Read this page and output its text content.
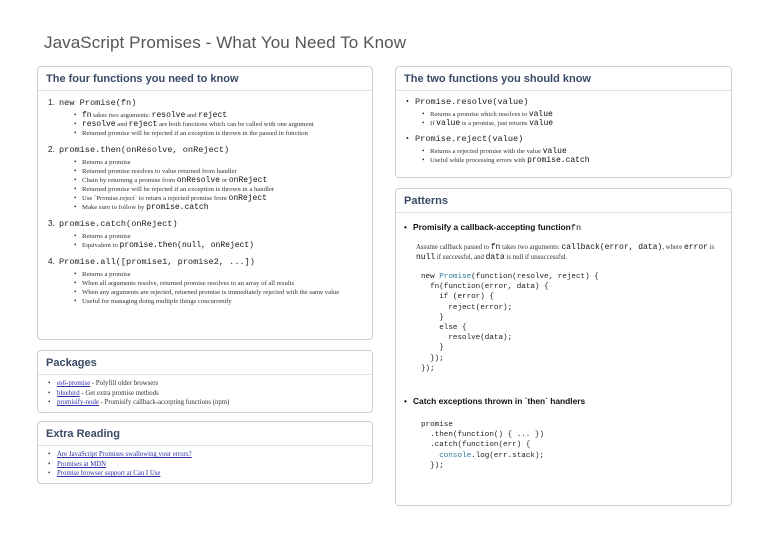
JavaScript Promises - What You Need To Know
The four functions you need to know
1. new Promise(fn)
• fn takes two arguments: resolve and reject
• resolve and reject are both functions which can be called with one argument
• Returned promise will be rejected if an exception is thrown in the passed in function
2. promise.then(onResolve, onReject)
• Returns a promise
• Returned promise resolves to value returned from handler
• Chain by returning a promise from onResolve or onReject
• Returned promise will be rejected if an exception is thrown in a handler
• Use `Promise.reject` to return a rejected promise from onReject
• Make sure to follow by promise.catch
3. promise.catch(onReject)
• Returns a promise
• Equivalent to promise.then(null, onReject)
4. Promise.all([promise1, promise2, ...])
• Returns a promise
• When all arguments resolve, returned promise resolves to an array of all results
• When any arguments are rejected, returned promise is immediately rejected with the same value
• Useful for managing doing multiple things concurrently
Packages
• es6-promise - Polyfill older browsers
• bluebird - Get extra promise methods
• promisify-node - Promisify callback-accepting functions (npm)
Extra Reading
• Are JavaScript Promises swallowing your errors?
• Promises at MDN
• Promise browser support at Can I Use
The two functions you should know
• Promise.resolve(value)
• Returns a promise which resolves to value
• If value is a promise, just returns value
• Promise.reject(value)
• Returns a rejected promise with the value value
• Useful while processing errors with promise.catch
Patterns
• Promisify a callback-accepting function fn
Assume callback passed to fn takes two arguments: callback(error, data), where error is null if successful, and data is null if unsuccessful.
new Promise(function(resolve, reject) {
fn(function(error, data) {
if (error) {
reject(error);
}
else {
resolve(data);
}
});
});
• Catch exceptions thrown in `then` handlers
promise
.then(function() { ... })
.catch(function(err) {
console.log(err.stack);
});
